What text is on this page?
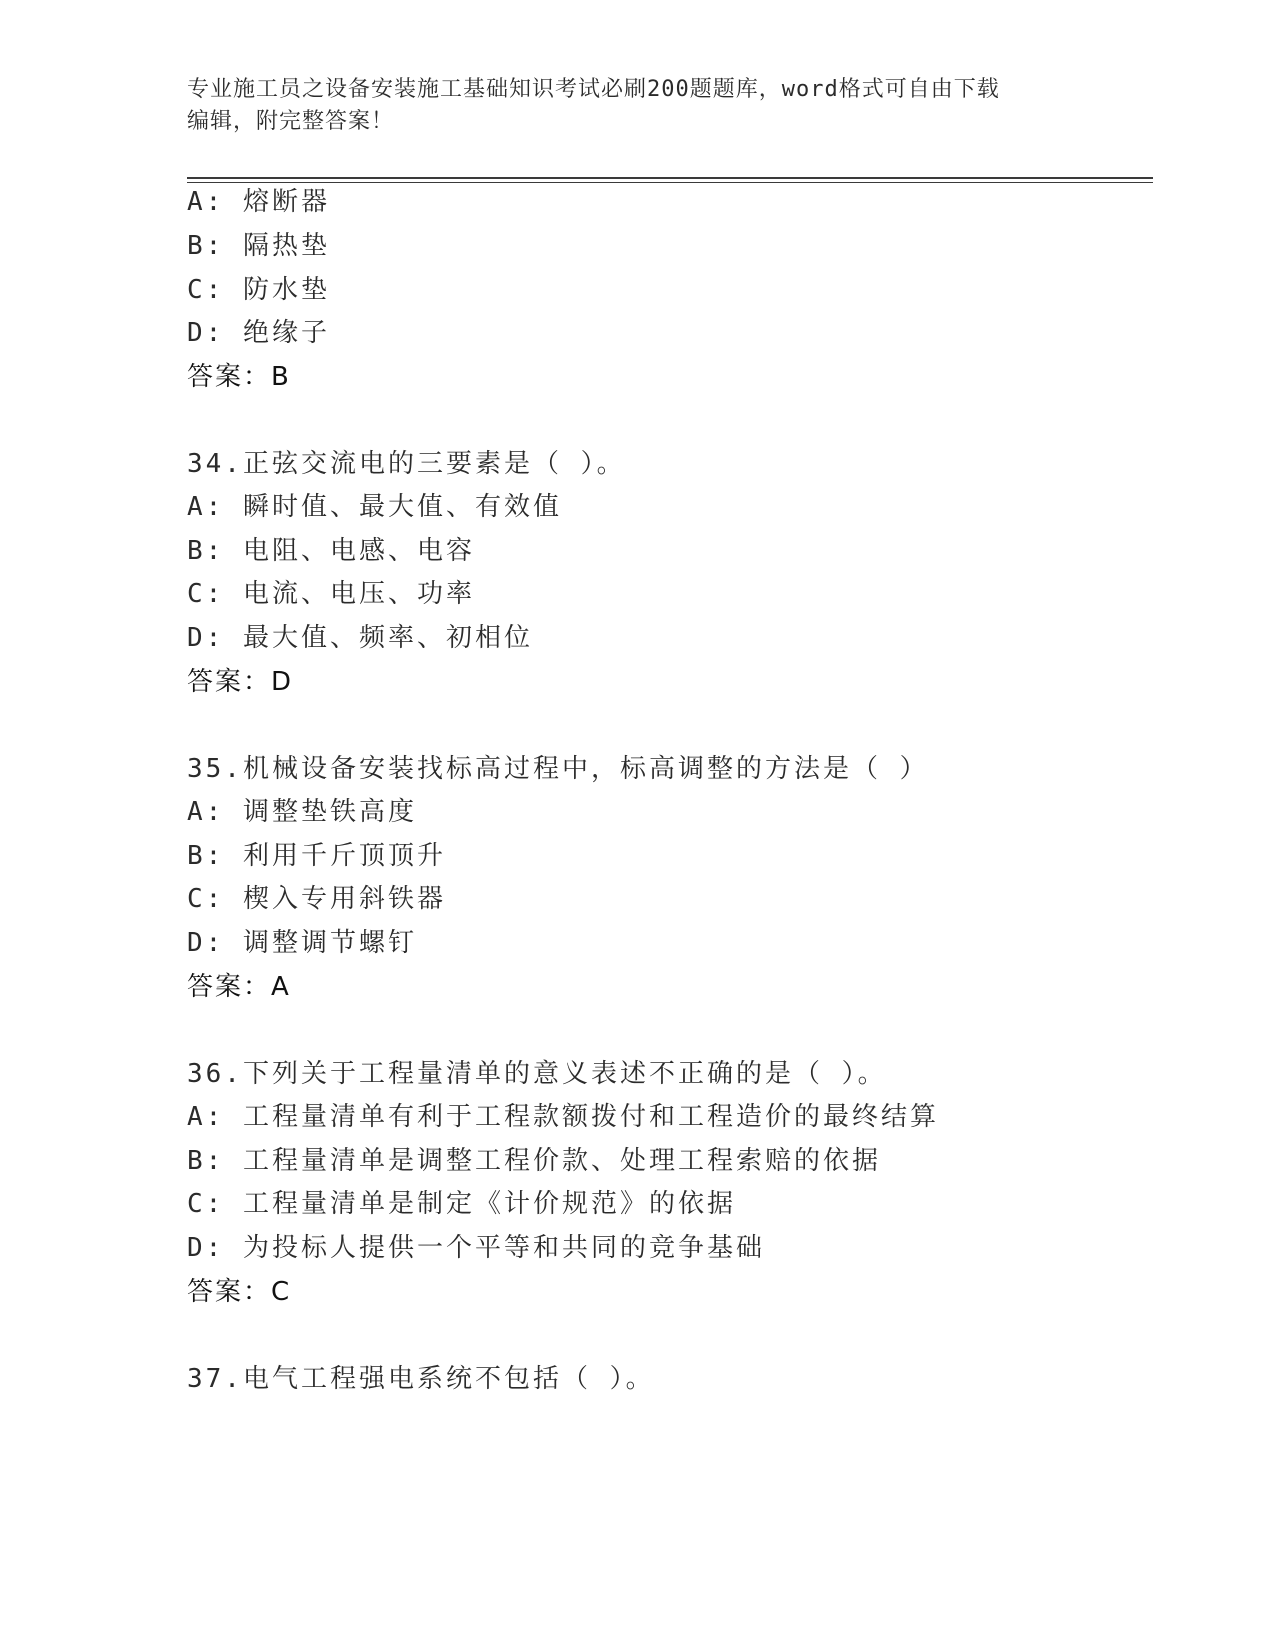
专业施工员之设备安装施工基础知识考试必刷200题题库，word格式可自由下载
编辑，附完整答案！
A: 熔断器
B: 隔热垫
C: 防水垫
D: 绝缘子
答案：B
34.正弦交流电的三要素是（ ）。
A: 瞬时值、最大值、有效值
B: 电阻、电感、电容
C: 电流、电压、功率
D: 最大值、频率、初相位
答案：D
35.机械设备安装找标高过程中，标高调整的方法是（ ）
A: 调整垫铁高度
B: 利用千斤顶顶升
C: 楔入专用斜铁器
D: 调整调节螺钉
答案：A
36.下列关于工程量清单的意义表述不正确的是（ ）。
A: 工程量清单有利于工程款额拨付和工程造价的最终结算
B: 工程量清单是调整工程价款、处理工程索赔的依据
C: 工程量清单是制定《计价规范》的依据
D: 为投标人提供一个平等和共同的竞争基础
答案：C
37.电气工程强电系统不包括（ ）。
